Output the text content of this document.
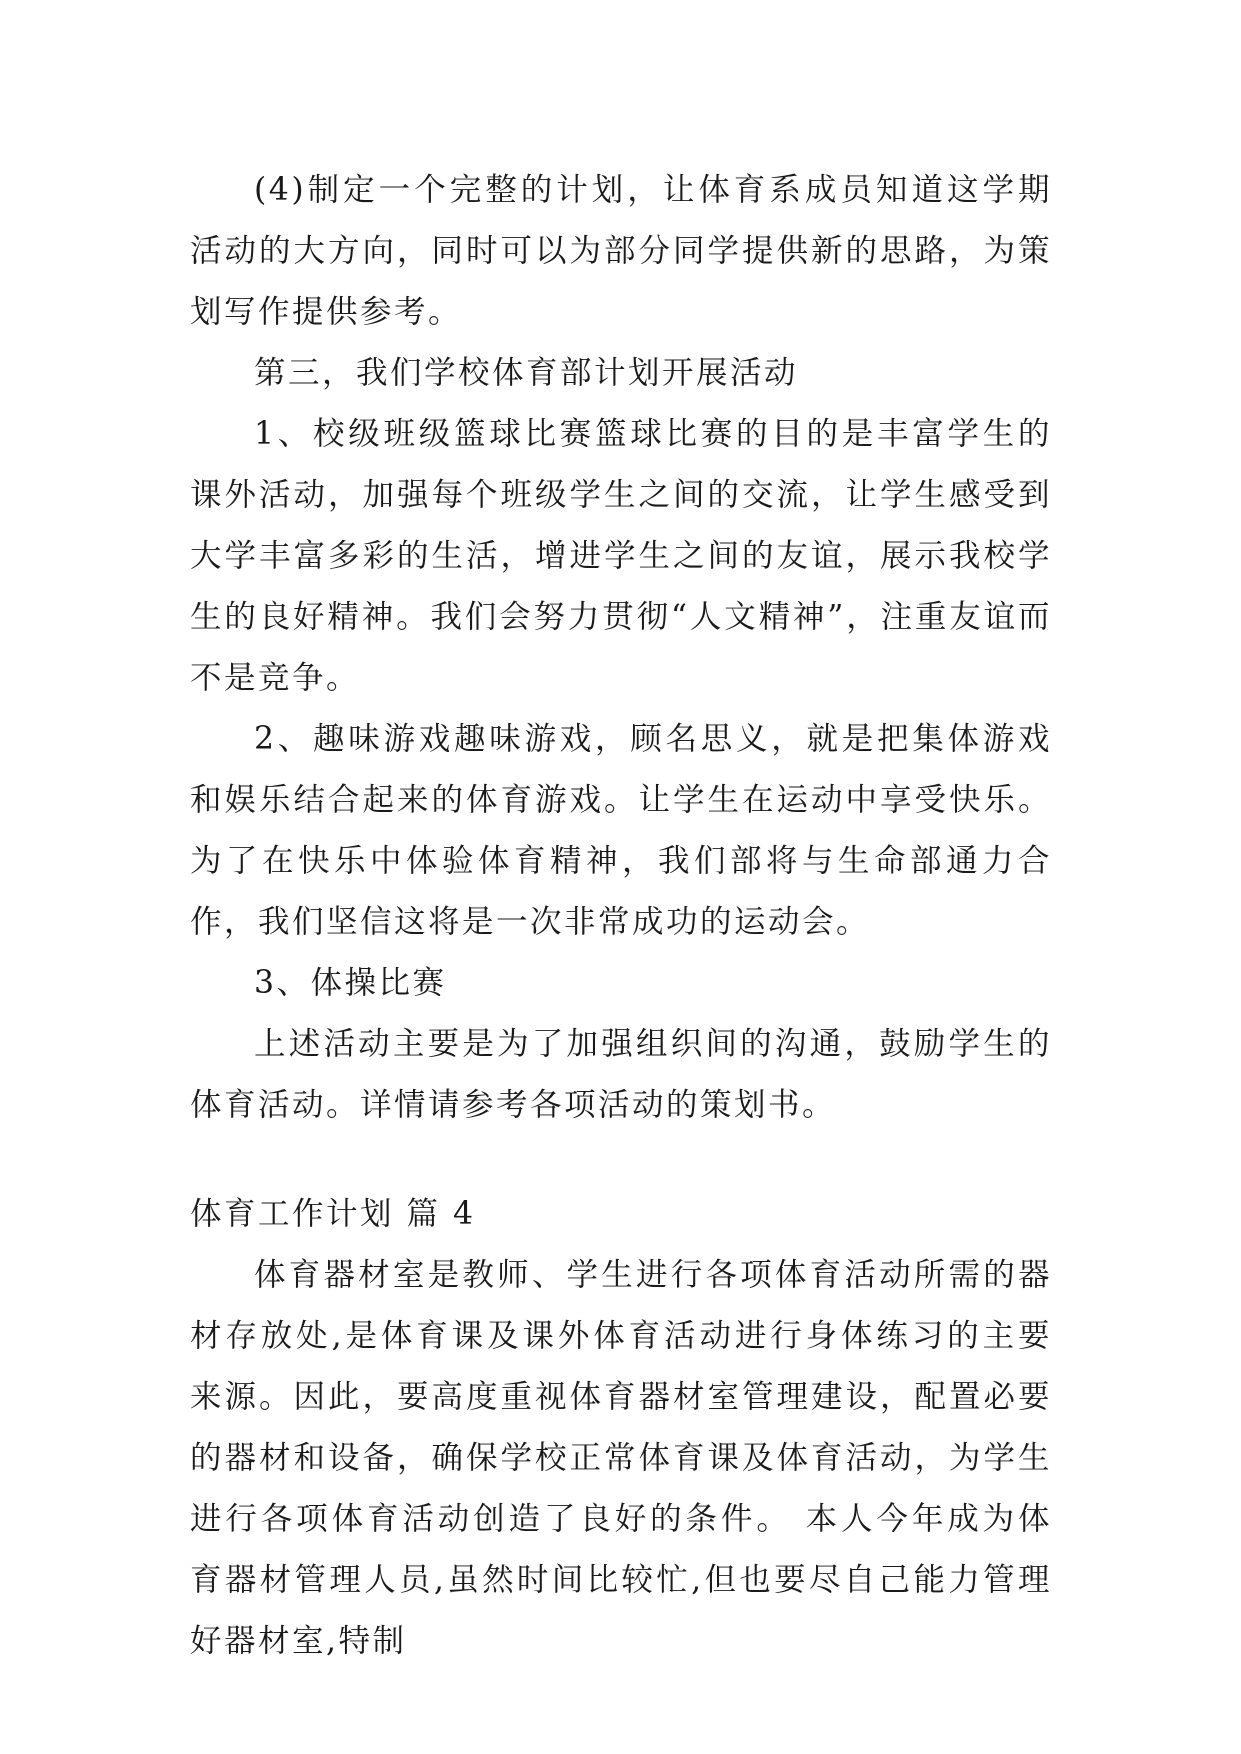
(4)制定一个完整的计划，让体育系成员知道这学期活动的大方向，同时可以为部分同学提供新的思路，为策划写作提供参考。

第三，我们学校体育部计划开展活动

1、校级班级篮球比赛篮球比赛的目的是丰富学生的课外活动，加强每个班级学生之间的交流，让学生感受到大学丰富多彩的生活，增进学生之间的友谊，展示我校学生的良好精神。我们会努力贯彻“人文精神”，注重友谊而不是竞争。

2、趣味游戏趣味游戏，顾名思义，就是把集体游戏和娱乐结合起来的体育游戏。让学生在运动中享受快乐。为了在快乐中体验体育精神，我们部将与生命部通力合作，我们坚信这将是一次非常成功的运动会。

3、体操比赛

上述活动主要是为了加强组织间的沟通，鼓励学生的体育活动。详情请参考各项活动的策划书。

体育工作计划 篇 4

体育器材室是教师、学生进行各项体育活动所需的器材存放处,是体育课及课外体育活动进行身体练习的主要来源。因此，要高度重视体育器材室管理建设，配置必要的器材和设备，确保学校正常体育课及体育活动，为学生进行各项体育活动创造了良好的条件。 本人今年成为体育器材管理人员,虽然时间比较忙,但也要尽自己能力管理好器材室,特制
